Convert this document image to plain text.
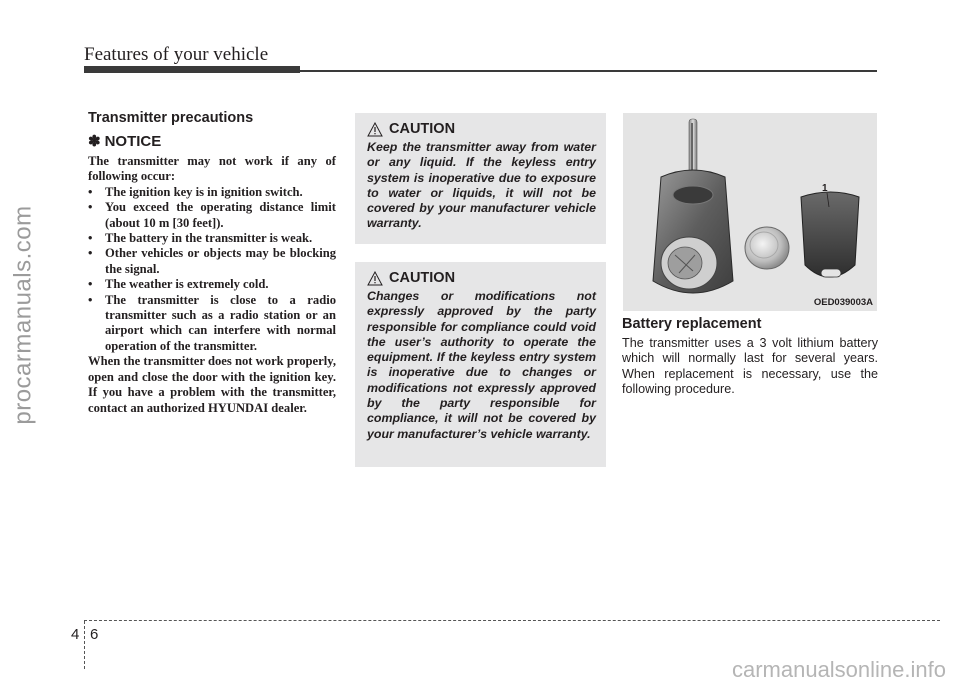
Features of your vehicle
procarmanuals.com
Transmitter precautions
✽ NOTICE

The transmitter may not work if any of following occur:

• The ignition key is in ignition switch.
• You exceed the operating distance limit (about 10 m [30 feet]).
• The battery in the transmitter is weak.
• Other vehicles or objects may be blocking the signal.
• The weather is extremely cold.
• The transmitter is close to a radio transmitter such as a radio station or an airport which can interfere with normal operation of the transmitter.

When the transmitter does not work properly, open and close the door with the ignition key. If you have a problem with the transmitter, contact an authorized HYUNDAI dealer.

CAUTION
Keep the transmitter away from water or any liquid. If the keyless entry system is inoperative due to exposure to water or liquids, it will not be covered by your manufacturer vehicle warranty.
CAUTION
Changes or modifications not expressly approved by the party responsible for compliance could void the user’s authority to operate the equipment. If the keyless entry system is inoperative due to changes or modifications not expressly approved by the party responsible for compliance, it will not be covered by your manufacturer’s vehicle warranty.
1
OED039003A
Battery replacement

The transmitter uses a 3 volt lithium battery which will normally last for several years. When replacement is necessary, use the following procedure.

4 6
carmanualsonline.info
